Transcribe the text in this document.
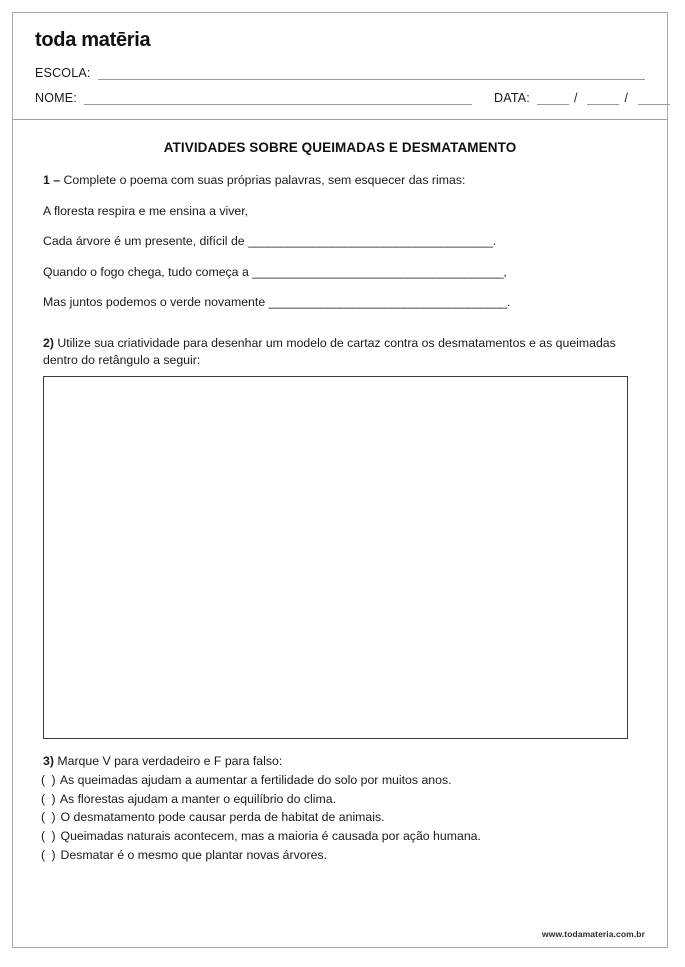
toda matēria
ESCOLA:
NOME:	DATA:	/	/
ATIVIDADES SOBRE QUEIMADAS E DESMATAMENTO

1 – Complete o poema com suas próprias palavras, sem esquecer das rimas:

A floresta respira e me ensina a viver,

Cada árvore é um presente, difícil de ______________________________________.

Quando o fogo chega, tudo começa a _______________________________________,

Mas juntos podemos o verde novamente _____________________________________.

2) Utilize sua criatividade para desenhar um modelo de cartaz contra os desmatamentos e as queimadas dentro do retângulo a seguir:

3) Marque V para verdadeiro e F para falso:

( ) As queimadas ajudam a aumentar a fertilidade do solo por muitos anos.
( ) As florestas ajudam a manter o equilíbrio do clima.
( ) O desmatamento pode causar perda de habitat de animais.
( ) Queimadas naturais acontecem, mas a maioria é causada por ação humana.
( ) Desmatar é o mesmo que plantar novas árvores.
www.todamateria.com.br
